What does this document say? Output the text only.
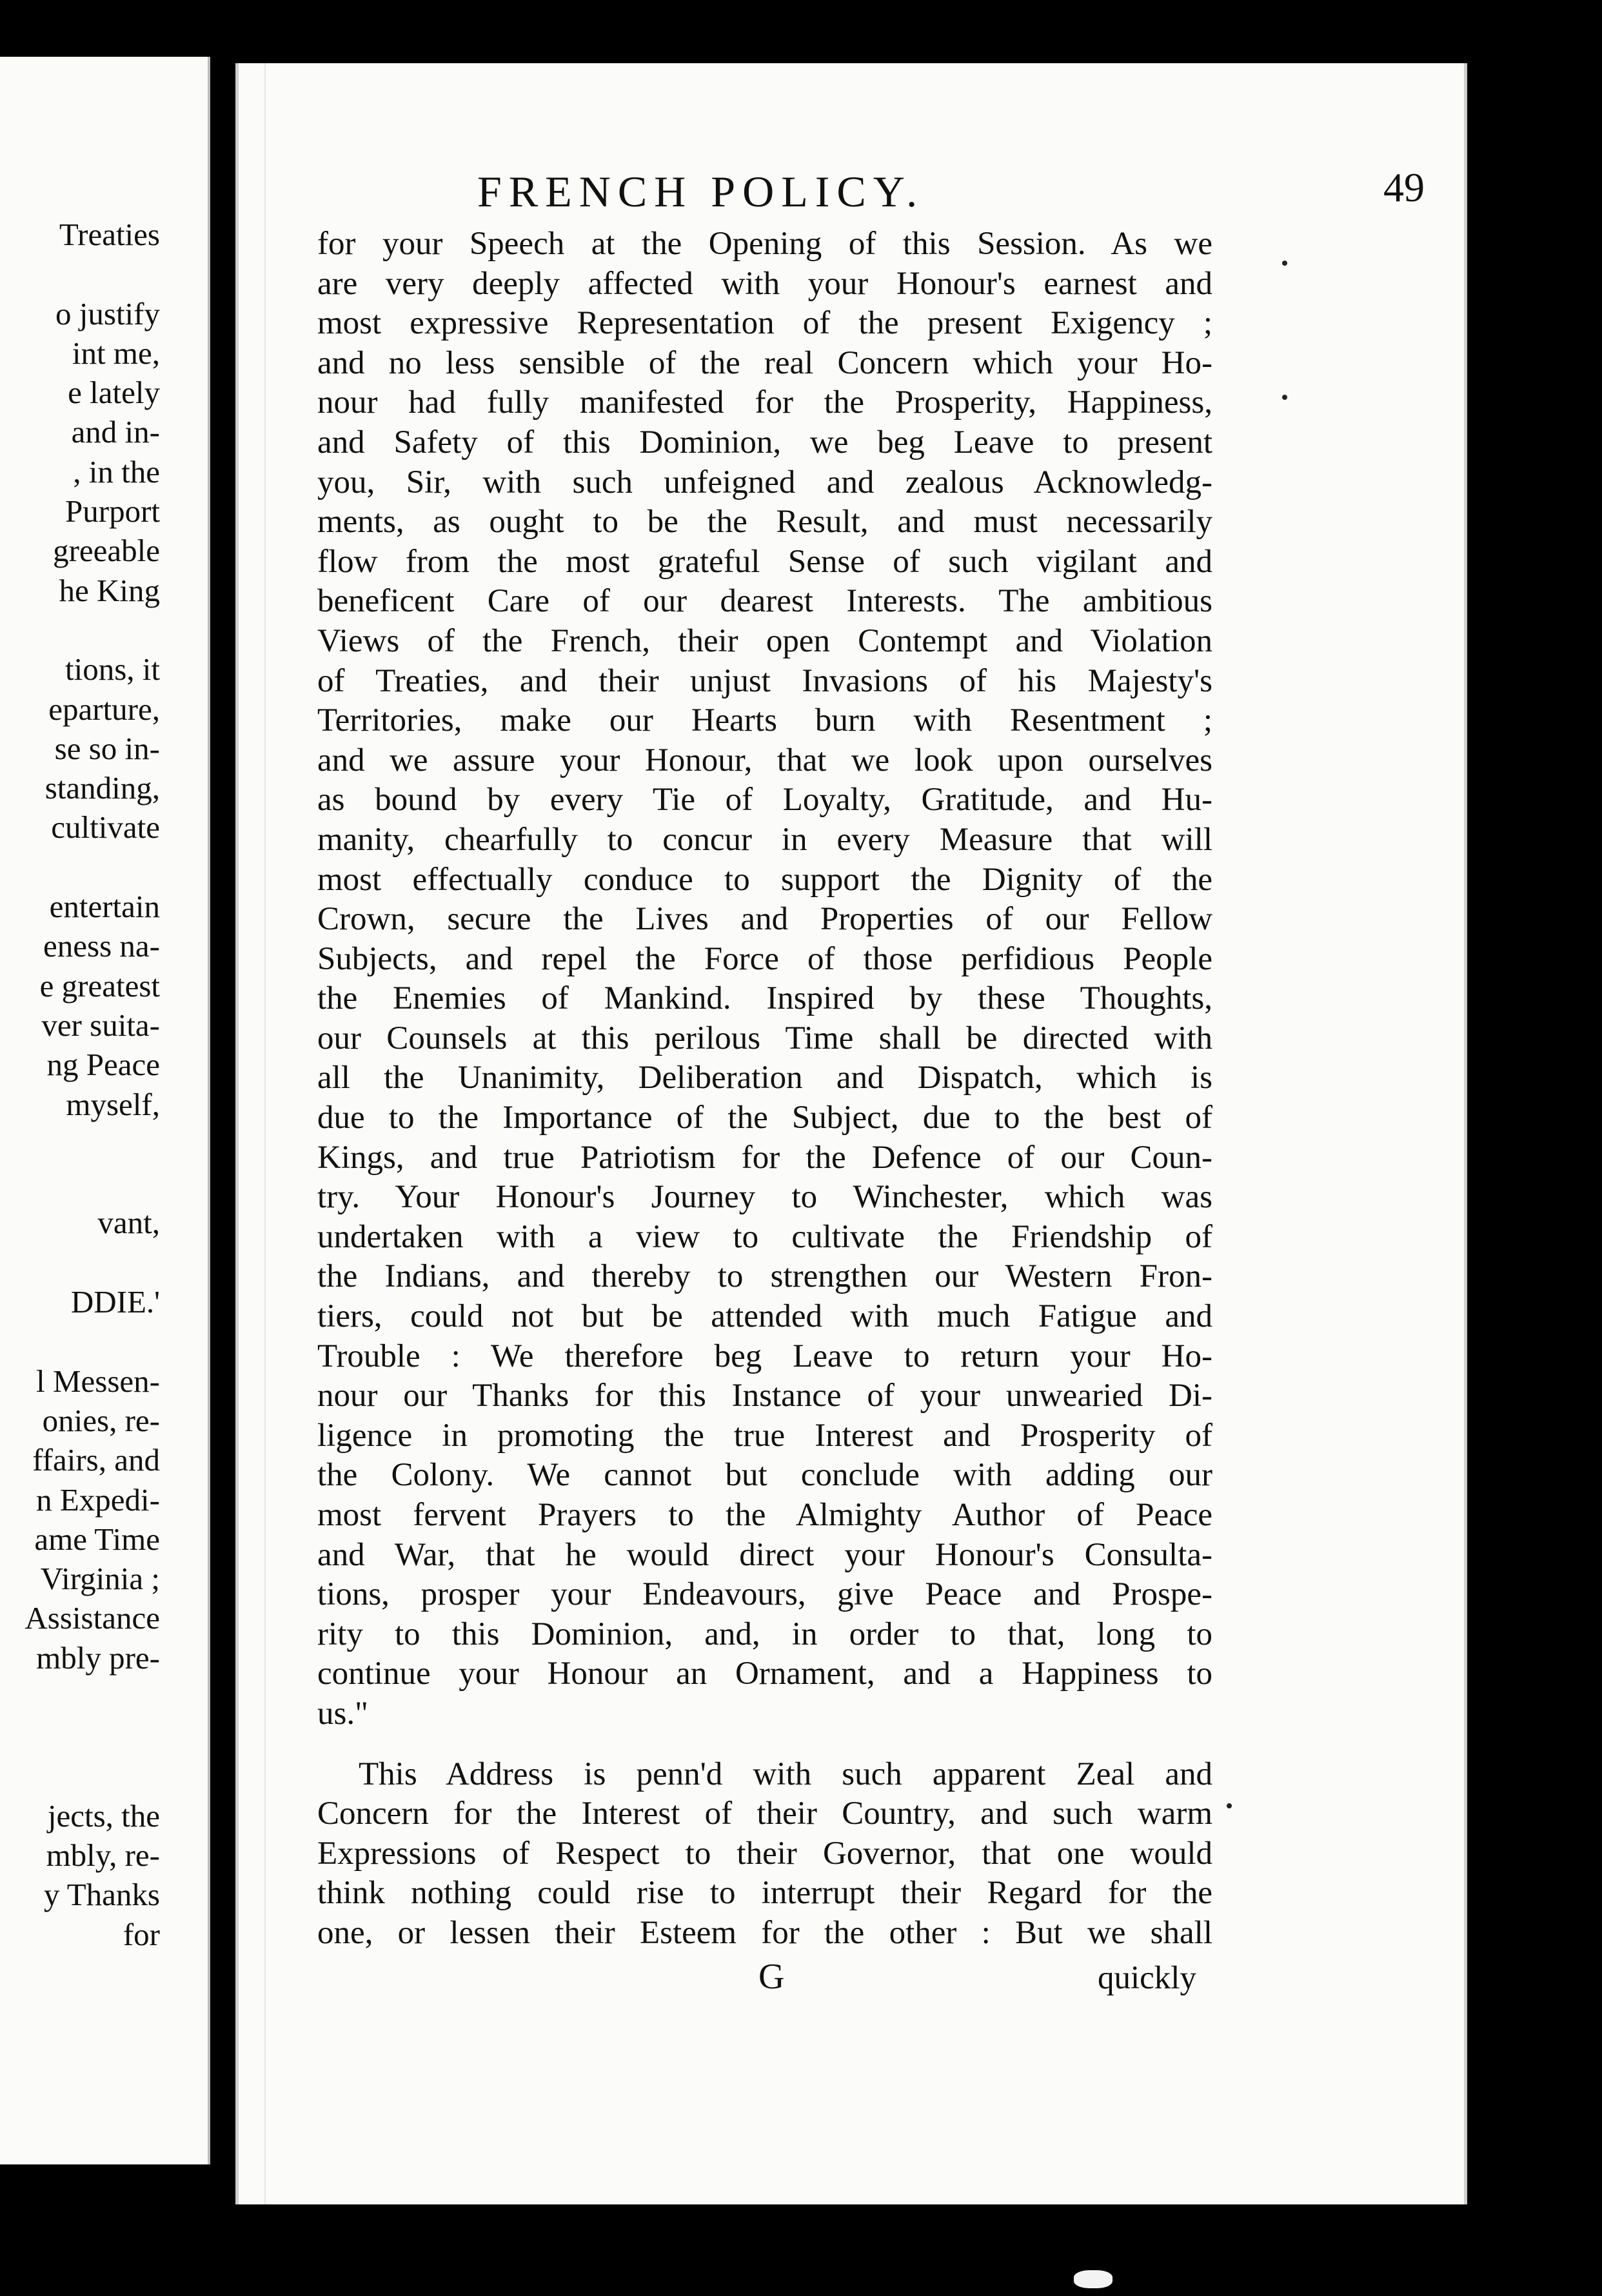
Treaties
o justify
int me,
e lately
and in-
, in the
Purport
greeable
he King
tions, it
eparture,
se so in-
standing,
cultivate
entertain
eness na-
e greatest
ver suita-
ng Peace
myself,
vant,
DDIE.'
l Messen-
onies, re-
ffairs, and
n Expedi-
ame Time
Virginia ;
Assistance
mbly pre-
jects, the
mbly, re-
y Thanks
for
FRENCH POLICY.	49
for your Speech at the Opening of this Session. As we
are very deeply affected with your Honour's earnest and
most expressive Representation of the present Exigency ;
and no less sensible of the real Concern which your Ho-
nour had fully manifested for the Prosperity, Happiness,
and Safety of this Dominion, we beg Leave to present
you, Sir, with such unfeigned and zealous Acknowledg-
ments, as ought to be the Result, and must necessarily
flow from the most grateful Sense of such vigilant and
beneficent Care of our dearest Interests. The ambitious
Views of the French, their open Contempt and Violation
of Treaties, and their unjust Invasions of his Majesty's
Territories, make our Hearts burn with Resentment ;
and we assure your Honour, that we look upon ourselves
as bound by every Tie of Loyalty, Gratitude, and Hu-
manity, chearfully to concur in every Measure that will
most effectually conduce to support the Dignity of the
Crown, secure the Lives and Properties of our Fellow
Subjects, and repel the Force of those perfidious People
the Enemies of Mankind. Inspired by these Thoughts,
our Counsels at this perilous Time shall be directed with
all the Unanimity, Deliberation and Dispatch, which is
due to the Importance of the Subject, due to the best of
Kings, and true Patriotism for the Defence of our Coun-
try. Your Honour's Journey to Winchester, which was
undertaken with a view to cultivate the Friendship of
the Indians, and thereby to strengthen our Western Fron-
tiers, could not but be attended with much Fatigue and
Trouble : We therefore beg Leave to return your Ho-
nour our Thanks for this Instance of your unwearied Di-
ligence in promoting the true Interest and Prosperity of
the Colony. We cannot but conclude with adding our
most fervent Prayers to the Almighty Author of Peace
and War, that he would direct your Honour's Consulta-
tions, prosper your Endeavours, give Peace and Prospe-
rity to this Dominion, and, in order to that, long to
continue your Honour an Ornament, and a Happiness to
us."
This Address is penn'd with such apparent Zeal and
Concern for the Interest of their Country, and such warm
Expressions of Respect to their Governor, that one would
think nothing could rise to interrupt their Regard for the
one, or lessen their Esteem for the other : But we shall
G	quickly
